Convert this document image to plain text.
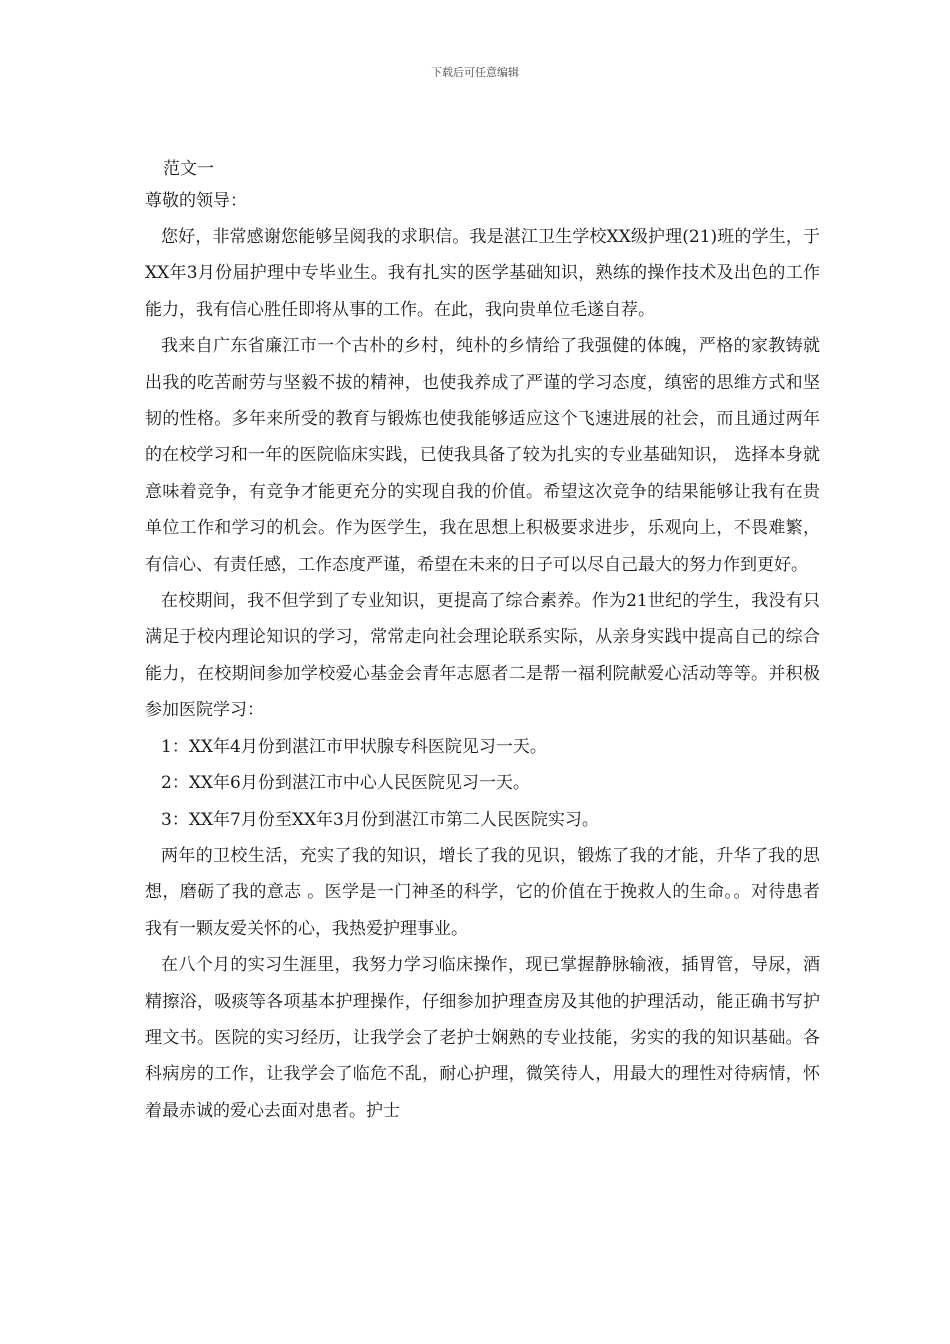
下载后可任意编辑

范文一

尊敬的领导：

您好，非常感谢您能够呈阅我的求职信。我是湛江卫生学校XX级护理(21)班的学生，于XX年3月份届护理中专毕业生。我有扎实的医学基础知识，熟练的操作技术及出色的工作能力，我有信心胜任即将从事的工作。在此，我向贵单位毛遂自荐。

我来自广东省廉江市一个古朴的乡村，纯朴的乡情给了我强健的体魄，严格的家教铸就出我的吃苦耐劳与坚毅不拔的精神，也使我养成了严谨的学习态度，缜密的思维方式和坚韧的性格。多年来所受的教育与锻炼也使我能够适应这个飞速进展的社会，而且通过两年的在校学习和一年的医院临床实践，已使我具备了较为扎实的专业基础知识， 选择本身就意味着竞争，有竞争才能更充分的实现自我的价值。希望这次竞争的结果能够让我有在贵单位工作和学习的机会。作为医学生，我在思想上积极要求进步，乐观向上，不畏难繁，有信心、有责任感，工作态度严谨，希望在未来的日子可以尽自己最大的努力作到更好。

在校期间，我不但学到了专业知识，更提高了综合素养。作为21世纪的学生，我没有只满足于校内理论知识的学习，常常走向社会理论联系实际，从亲身实践中提高自己的综合能力，在校期间参加学校爱心基金会青年志愿者二是帮一福利院献爱心活动等等。并积极参加医院学习：

1：XX年4月份到湛江市甲状腺专科医院见习一天。

2：XX年6月份到湛江市中心人民医院见习一天。

3：XX年7月份至XX年3月份到湛江市第二人民医院实习。

两年的卫校生活，充实了我的知识，增长了我的见识，锻炼了我的才能，升华了我的思想，磨砺了我的意志 。医学是一门神圣的科学，它的价值在于挽救人的生命。。对待患者我有一颗友爱关怀的心，我热爱护理事业。

在八个月的实习生涯里，我努力学习临床操作，现已掌握静脉输液，插胃管，导尿，酒精擦浴，吸痰等各项基本护理操作，仔细参加护理查房及其他的护理活动，能正确书写护理文书。医院的实习经历，让我学会了老护士娴熟的专业技能，劣实的我的知识基础。各科病房的工作，让我学会了临危不乱，耐心护理，微笑待人，用最大的理性对待病情，怀着最赤诚的爱心去面对患者。护士
